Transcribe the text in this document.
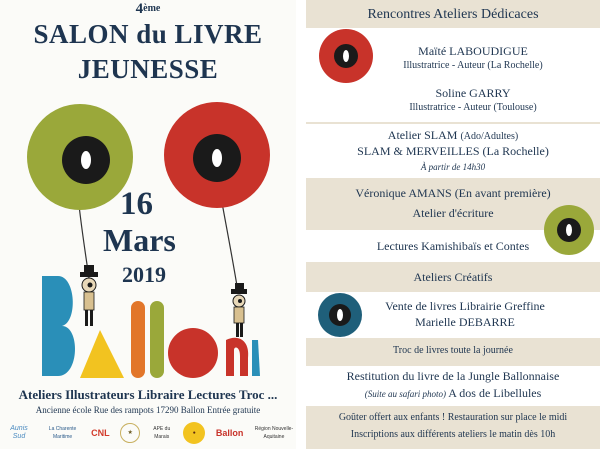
4ème
SALON du LIVRE
JEUNESSE
16
Mars
2019
Ateliers Illustrateurs Libraire Lectures Troc ...
Ancienne école Rue des rampots 17290 Ballon Entrée gratuite
Aunis Sud
La Charente Maritime	CNL	★
APE du Marais
●	Ballon Région Nouvelle-Aquitaine
Rencontres Ateliers Dédicaces
Maïté LABOUDIGUE
Illustratrice - Auteur (La Rochelle)
Soline GARRY
Illustratrice - Auteur (Toulouse)
Atelier SLAM (Ado/Adultes)
SLAM & MERVEILLES (La Rochelle)
À partir de 14h30
Véronique AMANS (En avant première)
Atelier d'écriture
Lectures Kamishibaïs et Contes
Ateliers Créatifs
Vente de livres Librairie Greffine
Marielle DEBARRE
Troc de livres toute la journée
Restitution du livre de la Jungle Ballonnaise
(Suite au safari photo) A dos de Libellules
Goûter offert aux enfants ! Restauration sur place le midi
Inscriptions aux différents ateliers le matin dès 10h
